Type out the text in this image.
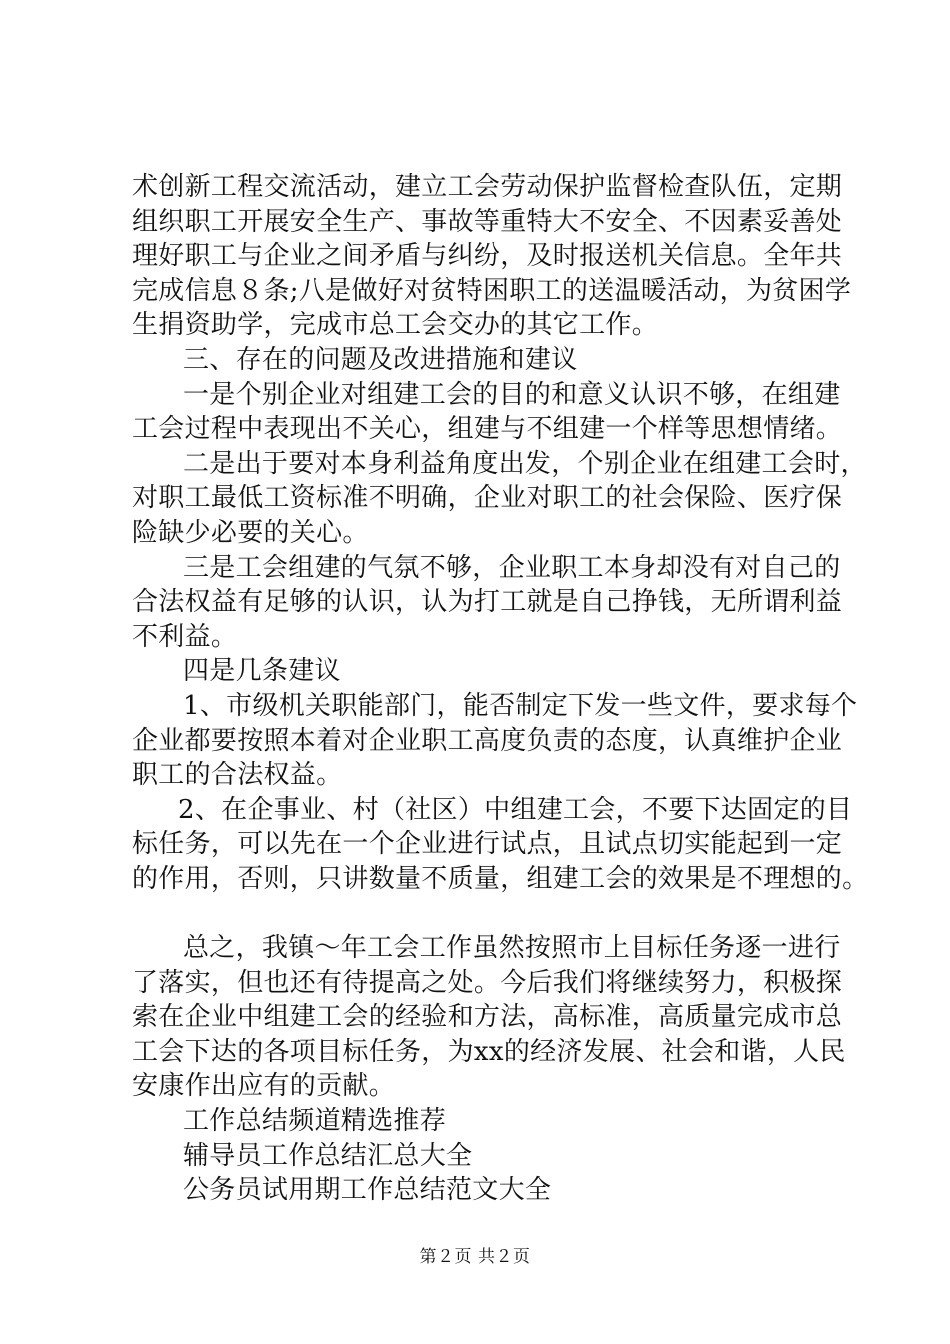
术创新工程交流活动，建立工会劳动保护监督检查队伍，定期

组织职工开展安全生产、事故等重特大不安全、不因素妥善处

理好职工与企业之间矛盾与纠纷，及时报送机关信息。全年共

完成信息８条;八是做好对贫特困职工的送温暖活动，为贫困学

生捐资助学，完成市总工会交办的其它工作。

三、存在的问题及改进措施和建议

一是个别企业对组建工会的目的和意义认识不够，在组建

工会过程中表现出不关心，组建与不组建一个样等思想情绪。

二是出于要对本身利益角度出发，个别企业在组建工会时，

对职工最低工资标准不明确，企业对职工的社会保险、医疗保

险缺少必要的关心。

三是工会组建的气氛不够，企业职工本身却没有对自己的

合法权益有足够的认识，认为打工就是自己挣钱，无所谓利益

不利益。

四是几条建议

1、市级机关职能部门，能否制定下发一些文件，要求每个

企业都要按照本着对企业职工高度负责的态度，认真维护企业

职工的合法权益。

2、在企事业、村（社区）中组建工会，不要下达固定的目

标任务，可以先在一个企业进行试点，且试点切实能起到一定

的作用，否则，只讲数量不质量，组建工会的效果是不理想的。

总之，我镇～年工会工作虽然按照市上目标任务逐一进行

了落实，但也还有待提高之处。今后我们将继续努力，积极探

索在企业中组建工会的经验和方法，高标准，高质量完成市总

工会下达的各项目标任务，为xx的经济发展、社会和谐，人民

安康作出应有的贡献。

工作总结频道精选推荐

辅导员工作总结汇总大全

公务员试用期工作总结范文大全

第２页 共２页
